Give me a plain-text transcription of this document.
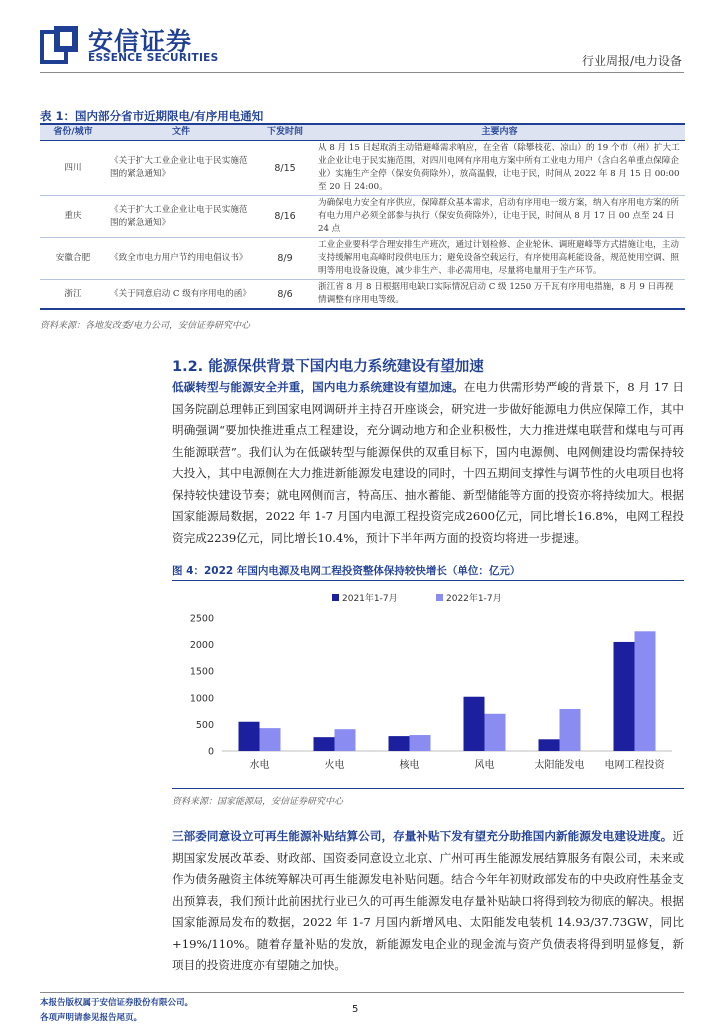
安信证券
ESSENCE SECURITIES	行业周报/电力设备
表 1：国内部分省市近期限电/有序用电通知
省份/城市	文件	下发时间	主要内容
四川	《关于扩大工业企业让电于民实施范围的紧急通知》	8/15	从 8 月 15 日起取消主动错避峰需求响应，在全省（除攀枝花、凉山）的 19 个市（州）扩大工业企业让电于民实施范围，对四川电网有序用电方案中所有工业电力用户（含白名单重点保障企业）实施生产全停（保安负荷除外），放高温假，让电于民，时间从 2022 年 8 月 15 日 00:00 至 20 日 24:00。
重庆	《关于扩大工业企业让电于民实施范围的紧急通知》	8/16	为确保电力安全有序供应，保障群众基本需求，启动有序用电一级方案，纳入有序用电方案的所有电力用户必须全部参与执行（保安负荷除外），让电于民，时间从 8 月 17 日 00 点至 24 日 24 点
安徽合肥	《致全市电力用户节约用电倡议书》	8/9	工业企业要科学合理安排生产班次，通过计划检修、企业轮休、调班避峰等方式措施让电，主动支持缓解用电高峰时段供电压力；避免设备空载运行，有序使用高耗能设备，规范使用空调、照明等用电设备设施，减少非生产、非必需用电，尽量将电量用于生产环节。
浙江	《关于同意启动 C 级有序用电的函》	8/6	浙江省 8 月 8 日根据用电缺口实际情况启动 C 级 1250 万千瓦有序用电措施，8 月 9 日再视情调整有序用电等级。
资料来源：各地发改委/电力公司，安信证券研究中心
1.2. 能源保供背景下国内电力系统建设有望加速
低碳转型与能源安全并重，国内电力系统建设有望加速。在电力供需形势严峻的背景下，8 月 17 日国务院副总理韩正到国家电网调研并主持召开座谈会，研究进一步做好能源电力供应保障工作，其中明确强调“要加快推进重点工程建设，充分调动地方和企业积极性，大力推进煤电联营和煤电与可再生能源联营”。我们认为在低碳转型与能源保供的双重目标下，国内电源侧、电网侧建设均需保持较大投入，其中电源侧在大力推进新能源发电建设的同时，十四五期间支撑性与调节性的火电项目也将保持较快建设节奏；就电网侧而言，特高压、抽水蓄能、新型储能等方面的投资亦将持续加大。根据国家能源局数据，2022 年 1-7 月国内电源工程投资完成2600亿元，同比增长16.8%，电网工程投资完成2239亿元，同比增长10.4%，预计下半年两方面的投资均将进一步提速。
图 4：2022 年国内电源及电网工程投资整体保持较快增长（单位：亿元）
2021年1-7月	2022年1-7月
0
500
1000
1500
2000
2500
水电	火电	核电	风电	太阳能发电 电网工程投资
资料来源：国家能源局，安信证券研究中心
三部委同意设立可再生能源补贴结算公司，存量补贴下发有望充分助推国内新能源发电建设进度。近期国家发展改革委、财政部、国资委同意设立北京、广州可再生能源发展结算服务有限公司，未来或作为债务融资主体统筹解决可再生能源发电补贴问题。结合今年年初财政部发布的中央政府性基金支出预算表，我们预计此前困扰行业已久的可再生能源发电存量补贴缺口将得到较为彻底的解决。根据国家能源局发布的数据，2022 年 1-7 月国内新增风电、太阳能发电装机 14.93/37.73GW，同比+19%/110%。随着存量补贴的发放，新能源发电企业的现金流与资产负债表将得到明显修复，新项目的投资进度亦有望随之加快。
本报告版权属于安信证券股份有限公司。
各项声明请参见报告尾页。
5
